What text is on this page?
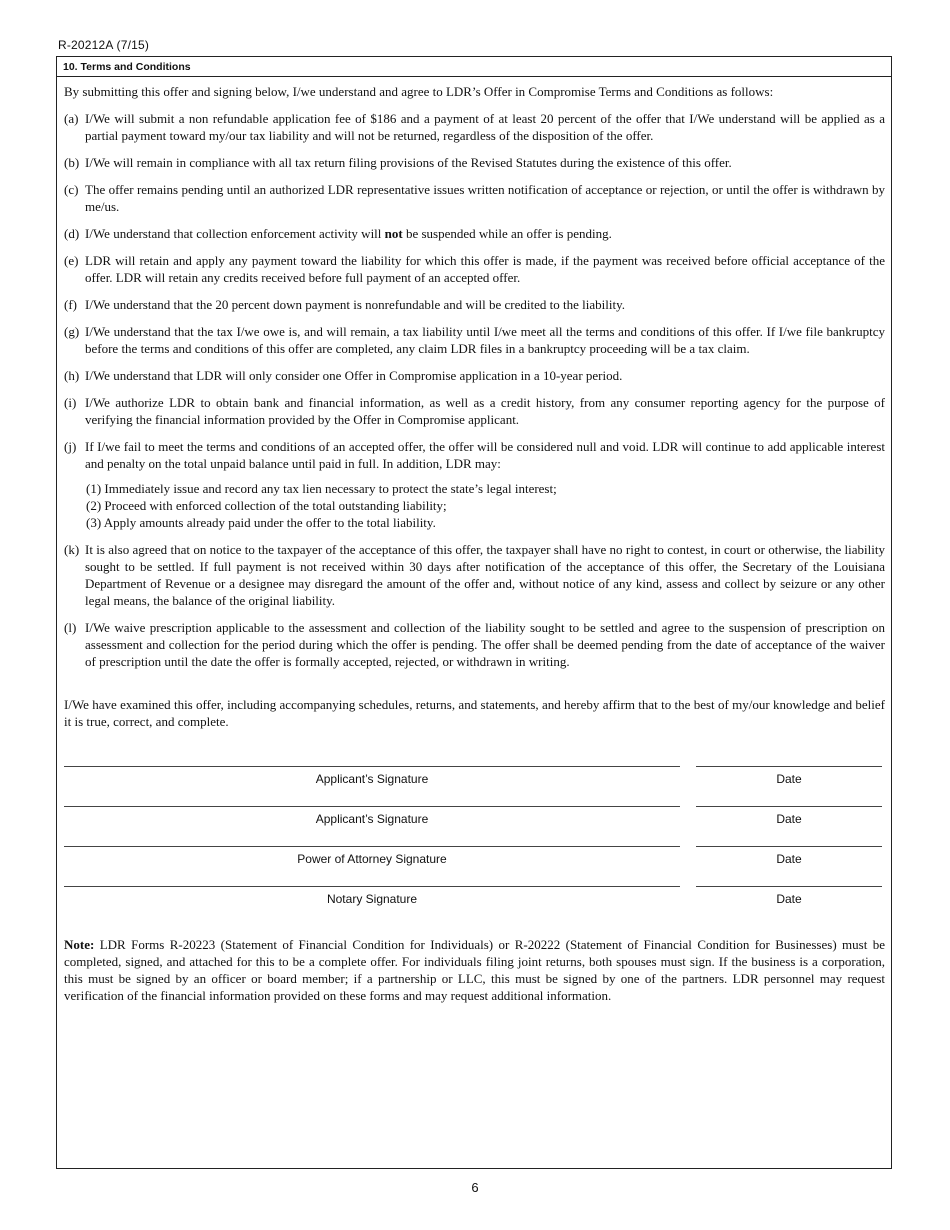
R-20212A (7/15)
10. Terms and Conditions

By submitting this offer and signing below, I/we understand and agree to LDR’s Offer in Compromise Terms and Conditions as follows:

(a) I/We will submit a non refundable application fee of $186 and a payment of at least 20 percent of the offer that I/We understand will be applied as a partial payment toward my/our tax liability and will not be returned, regardless of the disposition of the offer.
(b) I/We will remain in compliance with all tax return filing provisions of the Revised Statutes during the existence of this offer.
(c) The offer remains pending until an authorized LDR representative issues written notification of acceptance or rejection, or until the offer is withdrawn by me/us.
(d) I/We understand that collection enforcement activity will not be suspended while an offer is pending.
(e) LDR will retain and apply any payment toward the liability for which this offer is made, if the payment was received before official acceptance of the offer. LDR will retain any credits received before full payment of an accepted offer.
(f) I/We understand that the 20 percent down payment is nonrefundable and will be credited to the liability.
(g) I/We understand that the tax I/we owe is, and will remain, a tax liability until I/we meet all the terms and conditions of this offer. If I/we file bankruptcy before the terms and conditions of this offer are completed, any claim LDR files in a bankruptcy proceeding will be a tax claim.
(h) I/We understand that LDR will only consider one Offer in Compromise application in a 10-year period.
(i) I/We authorize LDR to obtain bank and financial information, as well as a credit history, from any consumer reporting agency for the purpose of verifying the financial information provided by the Offer in Compromise applicant.
(j) If I/we fail to meet the terms and conditions of an accepted offer, the offer will be considered null and void. LDR will continue to add applicable interest and penalty on the total unpaid balance until paid in full. In addition, LDR may:
(1) Immediately issue and record any tax lien necessary to protect the state’s legal interest;
(2) Proceed with enforced collection of the total outstanding liability;
(3) Apply amounts already paid under the offer to the total liability.
(k) It is also agreed that on notice to the taxpayer of the acceptance of this offer, the taxpayer shall have no right to contest, in court or otherwise, the liability sought to be settled. If full payment is not received within 30 days after notification of the acceptance of this offer, the Secretary of the Louisiana Department of Revenue or a designee may disregard the amount of the offer and, without notice of any kind, assess and collect by seizure or any other legal means, the balance of the original liability.
(l) I/We waive prescription applicable to the assessment and collection of the liability sought to be settled and agree to the suspension of prescription on assessment and collection for the period during which the offer is pending. The offer shall be deemed pending from the date of acceptance of the waiver of prescription until the date the offer is formally accepted, rejected, or withdrawn in writing.

I/We have examined this offer, including accompanying schedules, returns, and statements, and hereby affirm that to the best of my/our knowledge and belief it is true, correct, and complete.

Applicant’s Signature	Date
Applicant’s Signature	Date
Power of Attorney Signature	Date
Notary Signature	Date

Note: LDR Forms R-20223 (Statement of Financial Condition for Individuals) or R-20222 (Statement of Financial Condition for Businesses) must be completed, signed, and attached for this to be a complete offer. For individuals filing joint returns, both spouses must sign. If the business is a corporation, this must be signed by an officer or board member; if a partnership or LLC, this must be signed by one of the partners. LDR personnel may request verification of the financial information provided on these forms and may request additional information.

6
